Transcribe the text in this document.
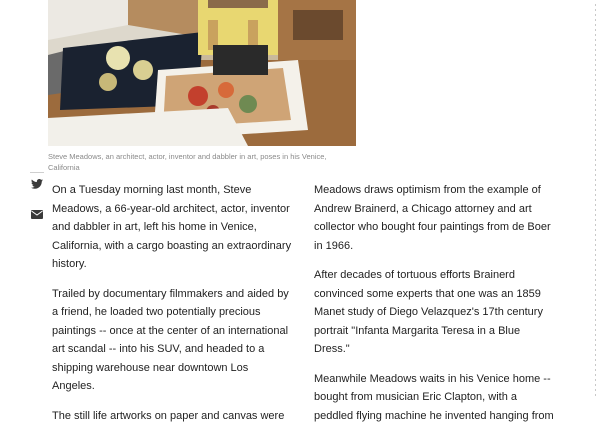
Steve Meadows, an architect, actor, inventor and dabbler in art, poses in his Venice, California

On a Tuesday morning last month, Steve Meadows, a 66-year-old architect, actor, inventor and dabbler in art, left his home in Venice, California, with a cargo boasting an extraordinary history.

Trailed by documentary filmmakers and aided by a friend, he loaded two potentially precious paintings -- once at the center of an international art scandal -- into his SUV, and headed to a shipping warehouse near downtown Los Angeles.

The still life artworks on paper and canvas were

Meadows draws optimism from the example of Andrew Brainerd, a Chicago attorney and art collector who bought four paintings from de Boer in 1966.

After decades of tortuous efforts Brainerd convinced some experts that one was an 1859 Manet study of Diego Velazquez's 17th century portrait "Infanta Margarita Teresa in a Blue Dress."

Meanwhile Meadows waits in his Venice home -- bought from musician Eric Clapton, with a peddled flying machine he invented hanging from
